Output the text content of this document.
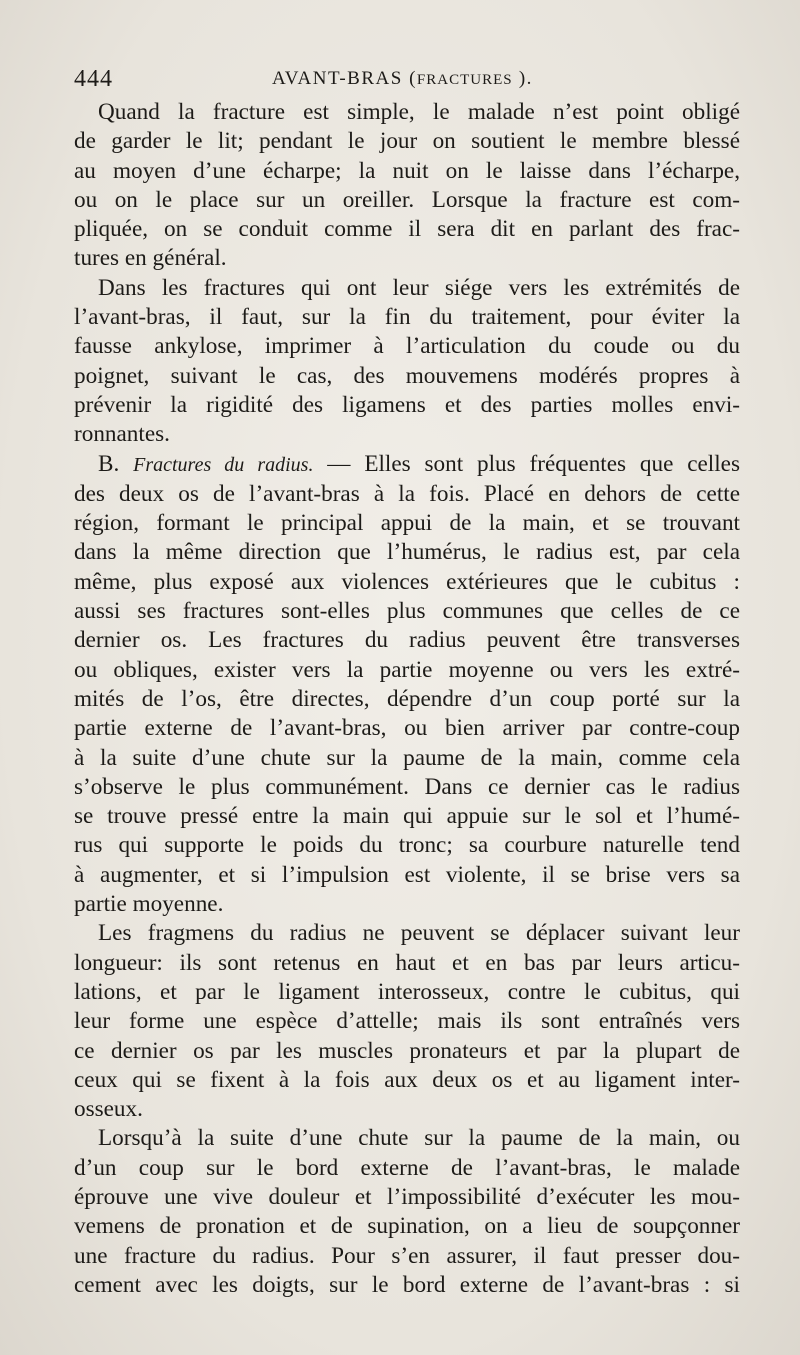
444	AVANT-BRAS (FRACTURES ).

Quand la fracture est simple, le malade n’est point obligé

de garder le lit; pendant le jour on soutient le membre blessé

au moyen d’une écharpe; la nuit on le laisse dans l’écharpe,

ou on le place sur un oreiller. Lorsque la fracture est com-

pliquée, on se conduit comme il sera dit en parlant des frac-

tures en général.

Dans les fractures qui ont leur siége vers les extrémités de

l’avant-bras, il faut, sur la fin du traitement, pour éviter la

fausse ankylose, imprimer à l’articulation du coude ou du

poignet, suivant le cas, des mouvemens modérés propres à

prévenir la rigidité des ligamens et des parties molles envi-

ronnantes.

B. Fractures du radius. — Elles sont plus fréquentes que celles

des deux os de l’avant-bras à la fois. Placé en dehors de cette

région, formant le principal appui de la main, et se trouvant

dans la même direction que l’humérus, le radius est, par cela

même, plus exposé aux violences extérieures que le cubitus :

aussi ses fractures sont-elles plus communes que celles de ce

dernier os. Les fractures du radius peuvent être transverses

ou obliques, exister vers la partie moyenne ou vers les extré-

mités de l’os, être directes, dépendre d’un coup porté sur la

partie externe de l’avant-bras, ou bien arriver par contre-coup

à la suite d’une chute sur la paume de la main, comme cela

s’observe le plus communément. Dans ce dernier cas le radius

se trouve pressé entre la main qui appuie sur le sol et l’humé-

rus qui supporte le poids du tronc; sa courbure naturelle tend

à augmenter, et si l’impulsion est violente, il se brise vers sa

partie moyenne.

Les fragmens du radius ne peuvent se déplacer suivant leur

longueur: ils sont retenus en haut et en bas par leurs articu-

lations, et par le ligament interosseux, contre le cubitus, qui

leur forme une espèce d’attelle; mais ils sont entraînés vers

ce dernier os par les muscles pronateurs et par la plupart de

ceux qui se fixent à la fois aux deux os et au ligament inter-

osseux.

Lorsqu’à la suite d’une chute sur la paume de la main, ou

d’un coup sur le bord externe de l’avant-bras, le malade

éprouve une vive douleur et l’impossibilité d’exécuter les mou-

vemens de pronation et de supination, on a lieu de soupçonner

une fracture du radius. Pour s’en assurer, il faut presser dou-

cement avec les doigts, sur le bord externe de l’avant-bras : si
